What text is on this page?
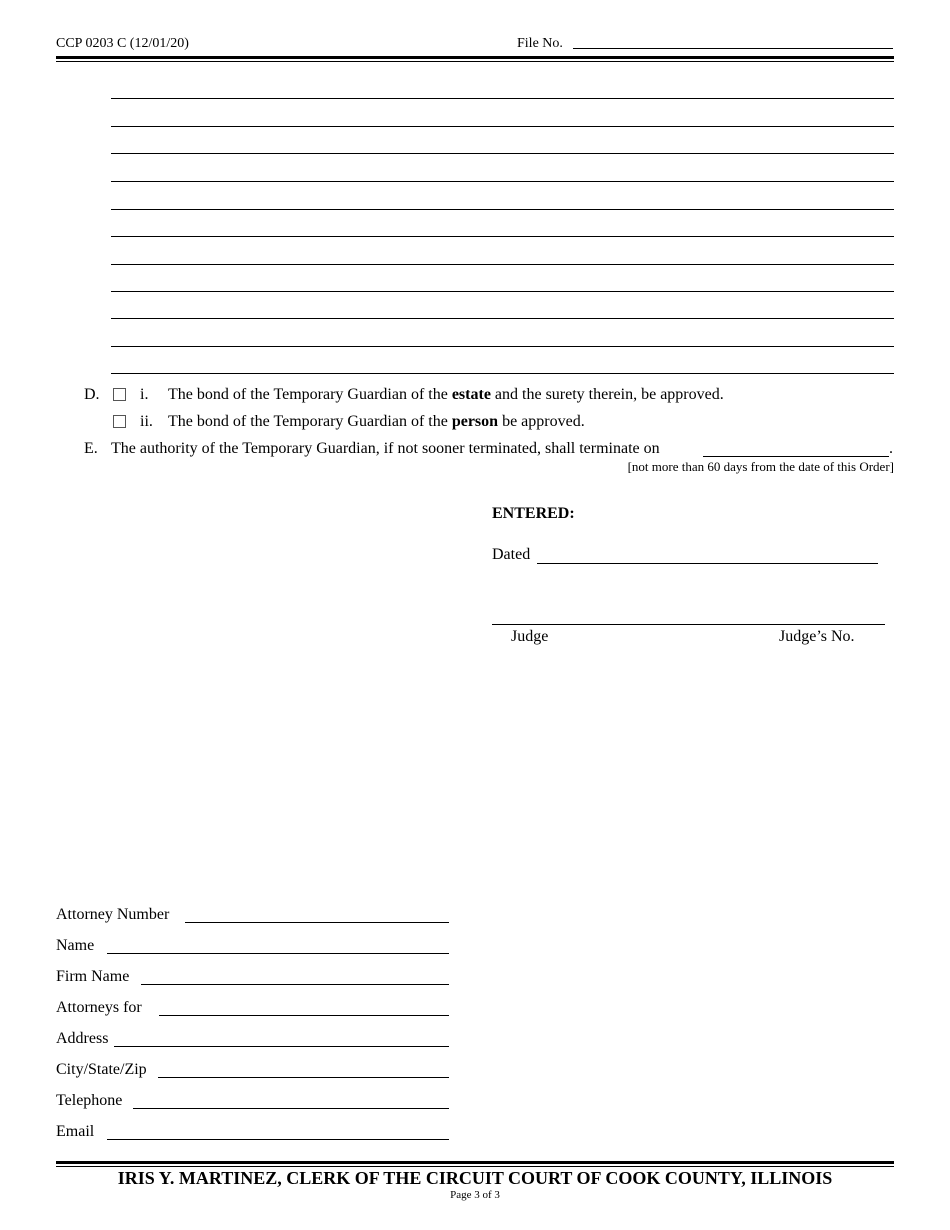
CCP 0203 C (12/01/20)	File No.
D.	i. The bond of the Temporary Guardian of the estate and the surety therein, be approved.
ii. The bond of the Temporary Guardian of the person be approved.
E. The authority of the Temporary Guardian, if not sooner terminated, shall terminate on	.
[not more than 60 days from the date of this Order]
ENTERED:
Dated
Judge	Judge’s No.
Attorney Number
Name
Firm Name
Attorneys for
Address
City/State/Zip
Telephone
Email
IRIS Y. MARTINEZ, CLERK OF THE CIRCUIT COURT OF COOK COUNTY, ILLINOIS
Page 3 of 3
